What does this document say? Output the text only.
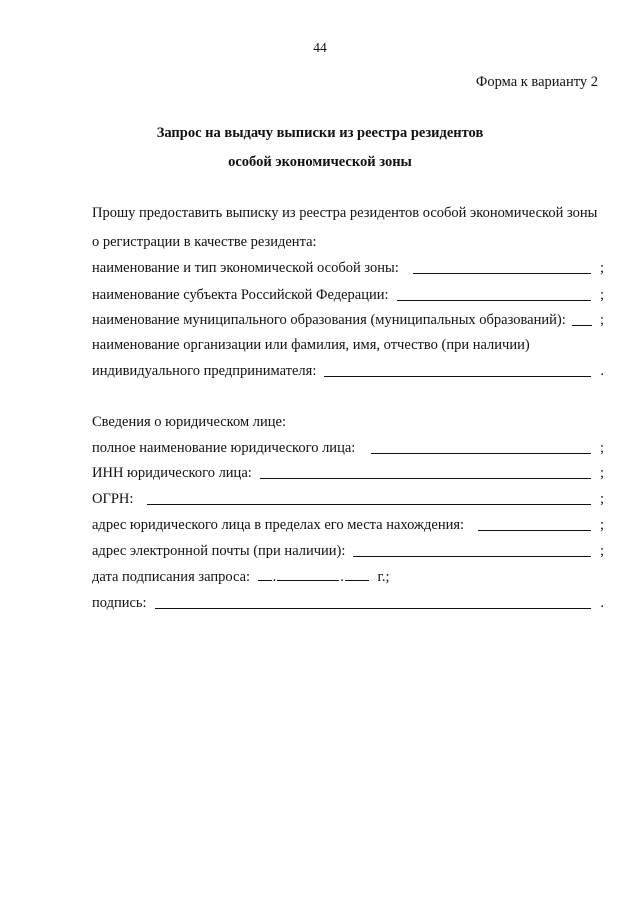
44
Форма к варианту 2
Запрос на выдачу выписки из реестра резидентов
особой экономической зоны
Прошу предоставить выписку из реестра резидентов особой экономической зоны
о регистрации в качестве резидента:
наименование и тип экономической особой зоны:	;
наименование субъекта Российской Федерации:	;
наименование муниципального образования (муниципальных образований): ;
наименование организации или фамилия, имя, отчество (при наличии)
индивидуального предпринимателя:	.
Сведения о юридическом лице:
полное наименование юридического лица:	;
ИНН юридического лица:	;
ОГРН:	;
адрес юридического лица в пределах его места нахождения:	;
адрес электронной почты (при наличии):	;
дата подписания запроса: .	. г.;
подпись:	.
